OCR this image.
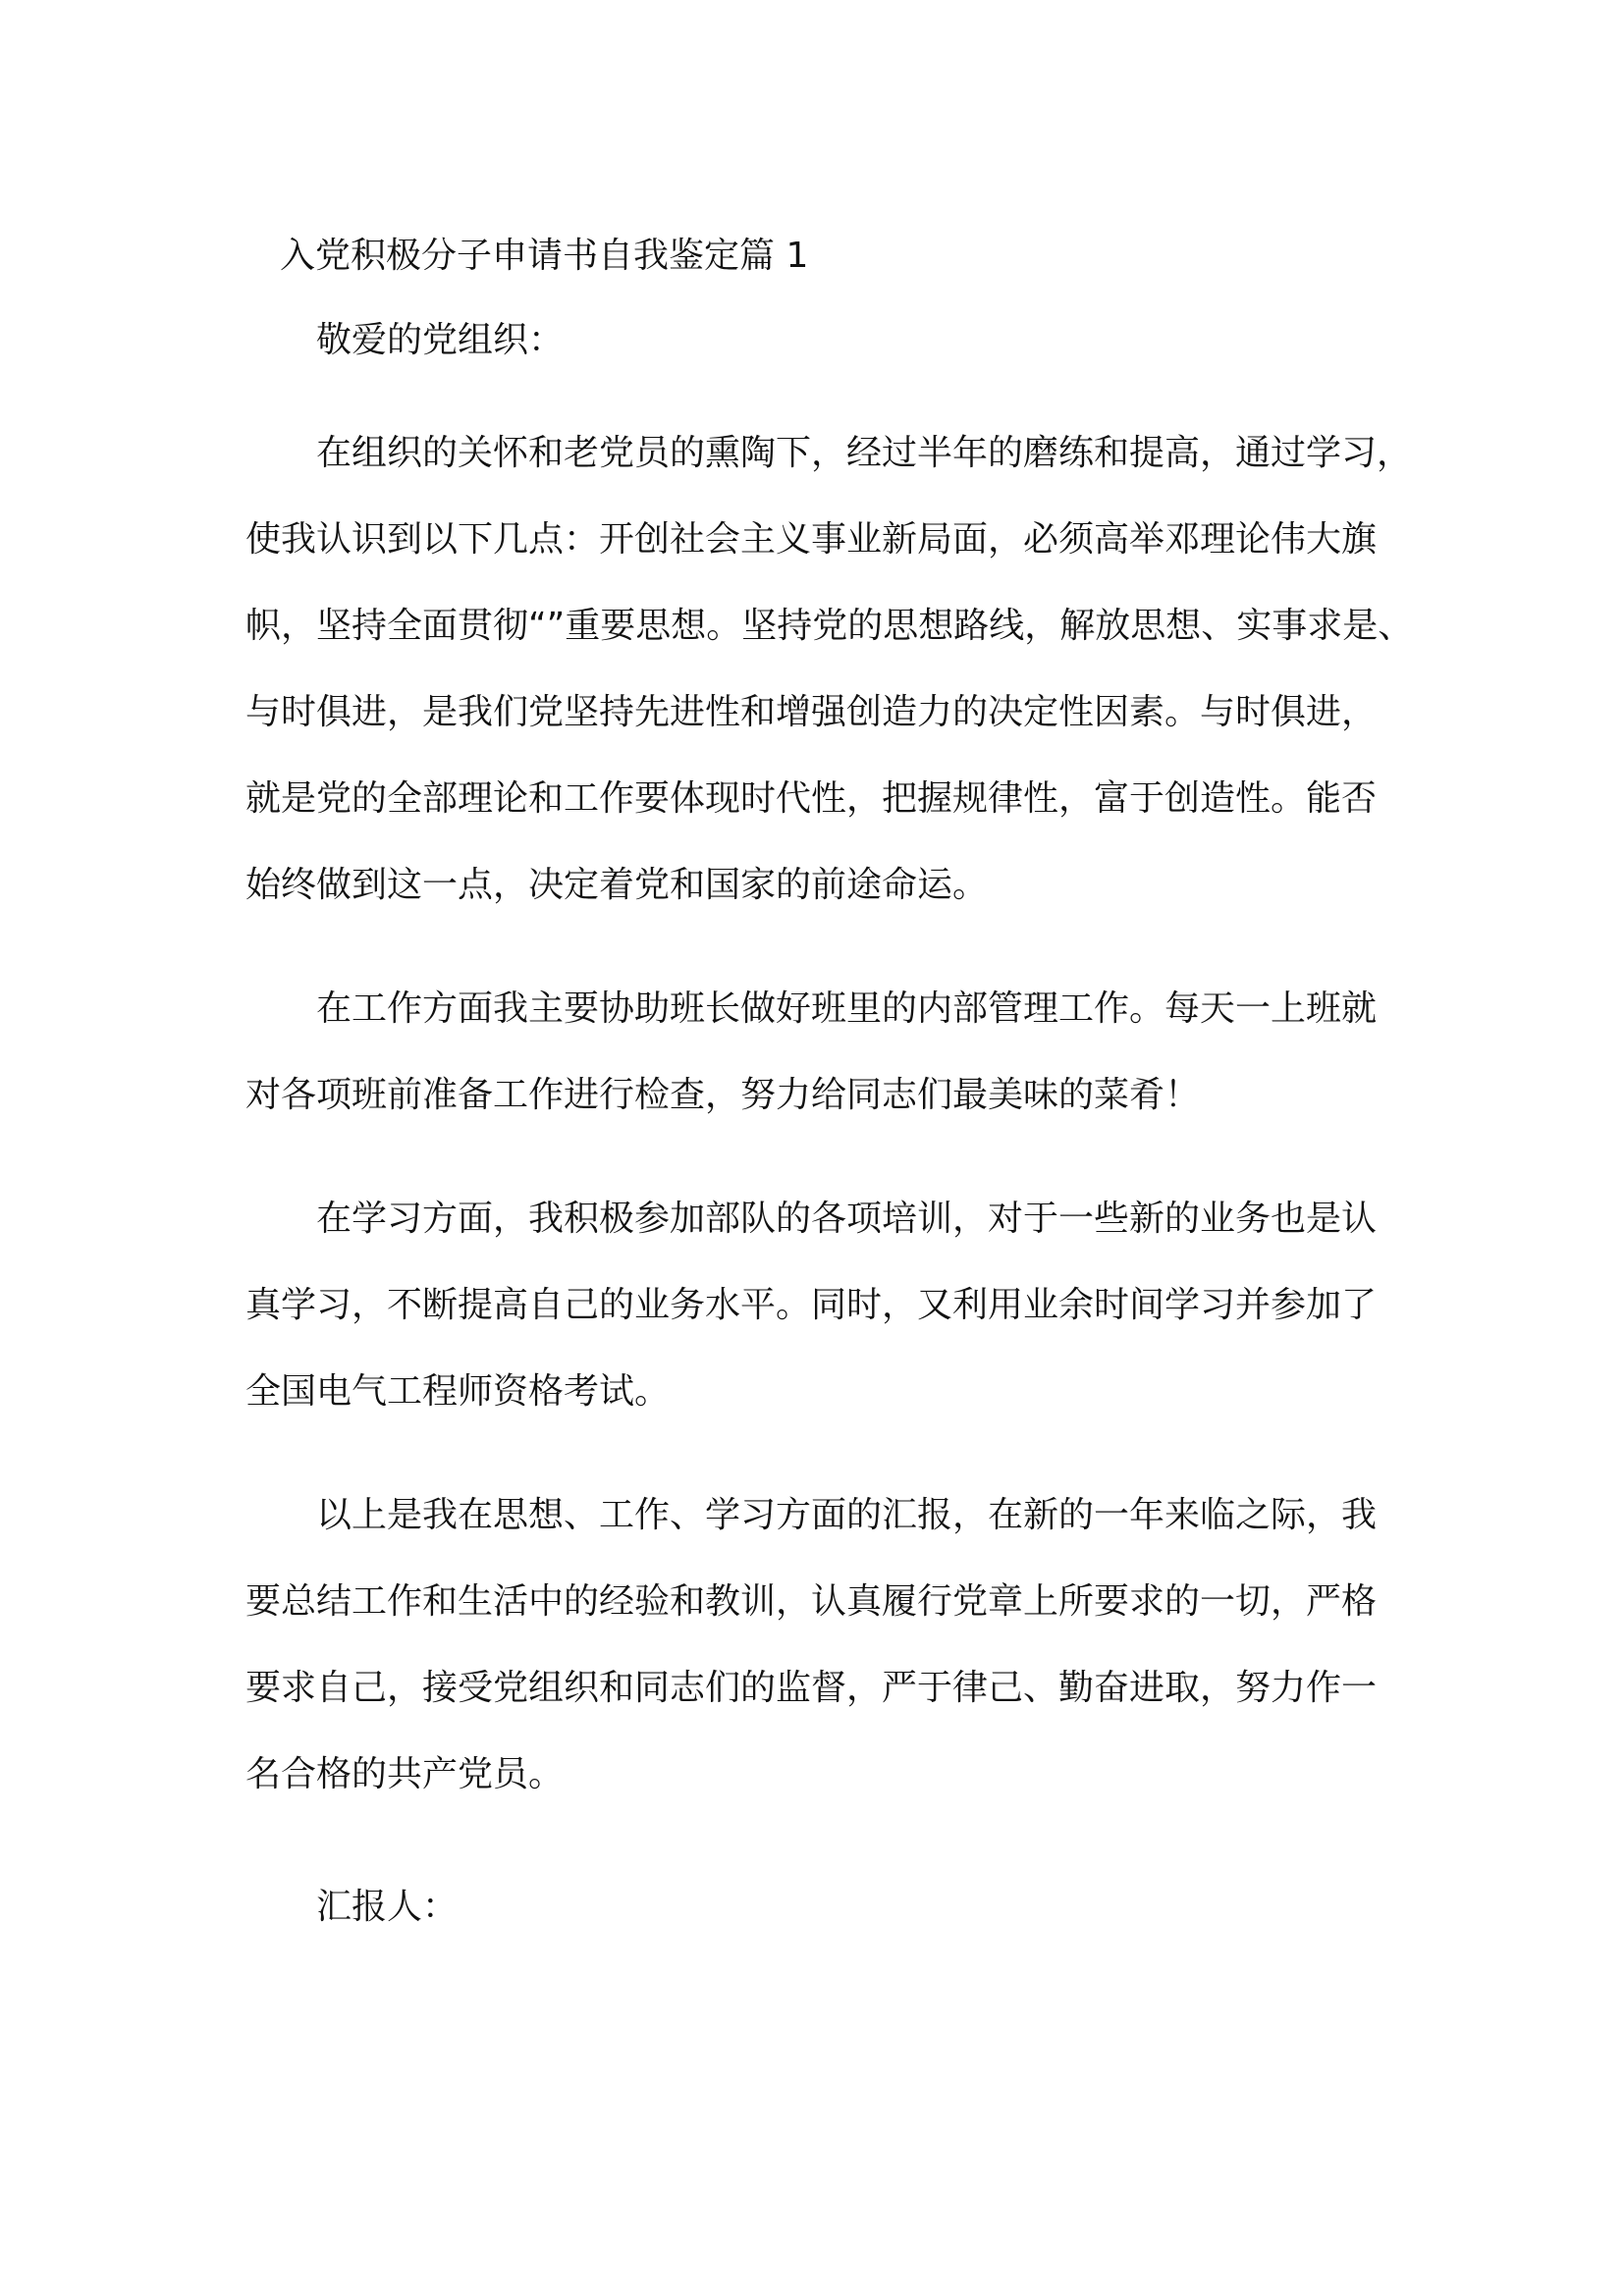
入党积极分子申请书自我鉴定篇 1
敬爱的党组织：

在组织的关怀和老党员的熏陶下，经过半年的磨练和提高，通过学习，
使我认识到以下几点：开创社会主义事业新局面，必须高举邓理论伟大旗
帜，坚持全面贯彻“”重要思想。坚持党的思想路线，解放思想、实事求是、
与时俱进，是我们党坚持先进性和增强创造力的决定性因素。与时俱进，
就是党的全部理论和工作要体现时代性，把握规律性，富于创造性。能否
始终做到这一点，决定着党和国家的前途命运。

在工作方面我主要协助班长做好班里的内部管理工作。每天一上班就
对各项班前准备工作进行检查，努力给同志们最美味的菜肴！

在学习方面，我积极参加部队的各项培训，对于一些新的业务也是认
真学习，不断提高自己的业务水平。同时，又利用业余时间学习并参加了
全国电气工程师资格考试。

以上是我在思想、工作、学习方面的汇报，在新的一年来临之际，我
要总结工作和生活中的经验和教训，认真履行党章上所要求的一切，严格
要求自己，接受党组织和同志们的监督，严于律己、勤奋进取，努力作一
名合格的共产党员。

汇报人：
